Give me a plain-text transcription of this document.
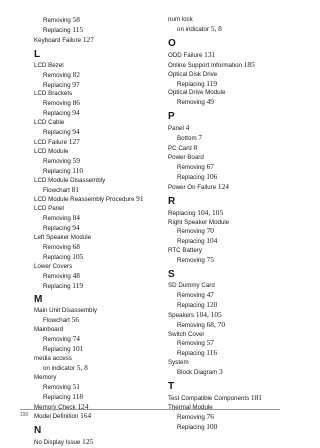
Removing 58
Replacing 115
Keyboard Failure 127
L
LCD Bezel
Removing 82
Replacing 97
LCD Brackets
Removing 86
Replacing 94
LCD Cable
Replacing 94
LCD Failure 127
LCD Module
Removing 59
Replacing 110
LCD Module Disassembly
Flowchart 81
LCD Module Reassembly Procedure 91
LCD Panel
Removing 84
Replacing 94
Left Speaker Module
Removing 68
Replacing 105
Lower Covers
Removing 48
Replacing 119
M
Main Unit Disassembly
Flowchart 56
Mainboard
Removing 74
Replacing 101
media access
on indicator 5, 8
Memory
Removing 51
Replacing 118
Memory Check 124
Model Definition 164
N
No Display Issue 125
num lock
on indicator 5, 8
O
ODD Failure 131
Online Support Information 185
Optical Disk Drive
Replacing 119
Optical Drive Module
Removing 49
P
Panel 4
Bottom 7
PC Card 8
Power Board
Removing 67
Replacing 106
Power On Failure 124
R
Replacing 104, 105
Right Speaker Module
Removing 70
Replacing 104
RTC Battery
Removing 75
S
SD Dummy Card
Removing 47
Replacing 120
Speakers 104, 105
Removing 68, 70
Switch Cover
Removing 57
Replacing 116
System
Block Diagram 3
T
Test Compatible Components 181
Thermal Module
Removing 76
Replacing 100
190
